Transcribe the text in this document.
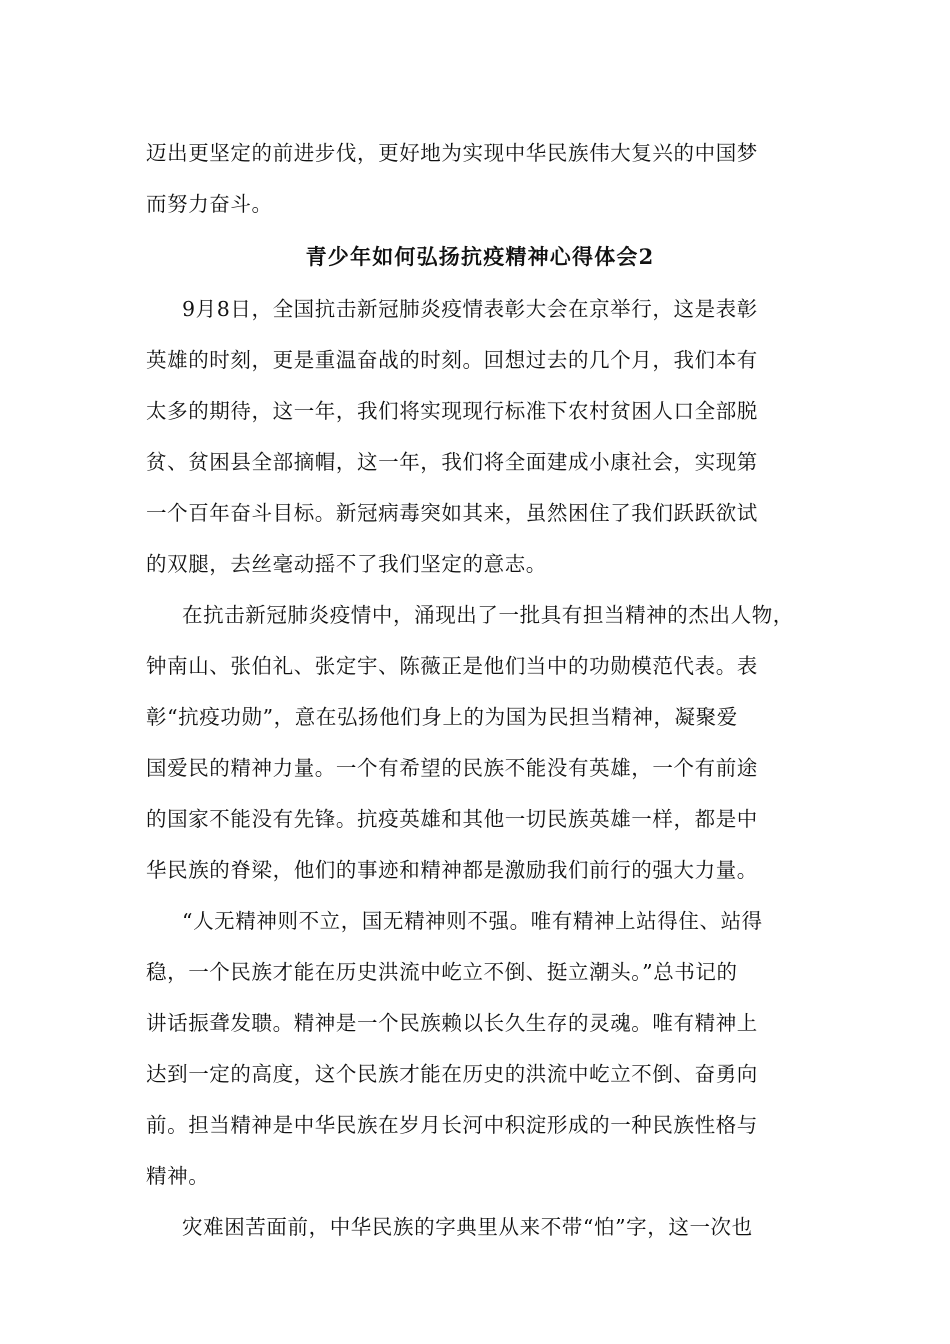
迈出更坚定的前进步伐，更好地为实现中华民族伟大复兴的中国梦
而努力奋斗。
青少年如何弘扬抗疫精神心得体会2
9月8日，全国抗击新冠肺炎疫情表彰大会在京举行，这是表彰
英雄的时刻，更是重温奋战的时刻。回想过去的几个月，我们本有
太多的期待，这一年，我们将实现现行标准下农村贫困人口全部脱
贫、贫困县全部摘帽，这一年，我们将全面建成小康社会，实现第
一个百年奋斗目标。新冠病毒突如其来，虽然困住了我们跃跃欲试
的双腿，去丝毫动摇不了我们坚定的意志。
在抗击新冠肺炎疫情中，涌现出了一批具有担当精神的杰出人物，
钟南山、张伯礼、张定宇、陈薇正是他们当中的功勋模范代表。表
彰“抗疫功勋”，意在弘扬他们身上的为国为民担当精神，凝聚爱
国爱民的精神力量。一个有希望的民族不能没有英雄，一个有前途
的国家不能没有先锋。抗疫英雄和其他一切民族英雄一样，都是中
华民族的脊梁，他们的事迹和精神都是激励我们前行的强大力量。
“人无精神则不立，国无精神则不强。唯有精神上站得住、站得
稳，一个民族才能在历史洪流中屹立不倒、挺立潮头。”总书记的
讲话振聋发聩。精神是一个民族赖以长久生存的灵魂。唯有精神上
达到一定的高度，这个民族才能在历史的洪流中屹立不倒、奋勇向
前。担当精神是中华民族在岁月长河中积淀形成的一种民族性格与
精神。
灾难困苦面前，中华民族的字典里从来不带“怕”字，这一次也
